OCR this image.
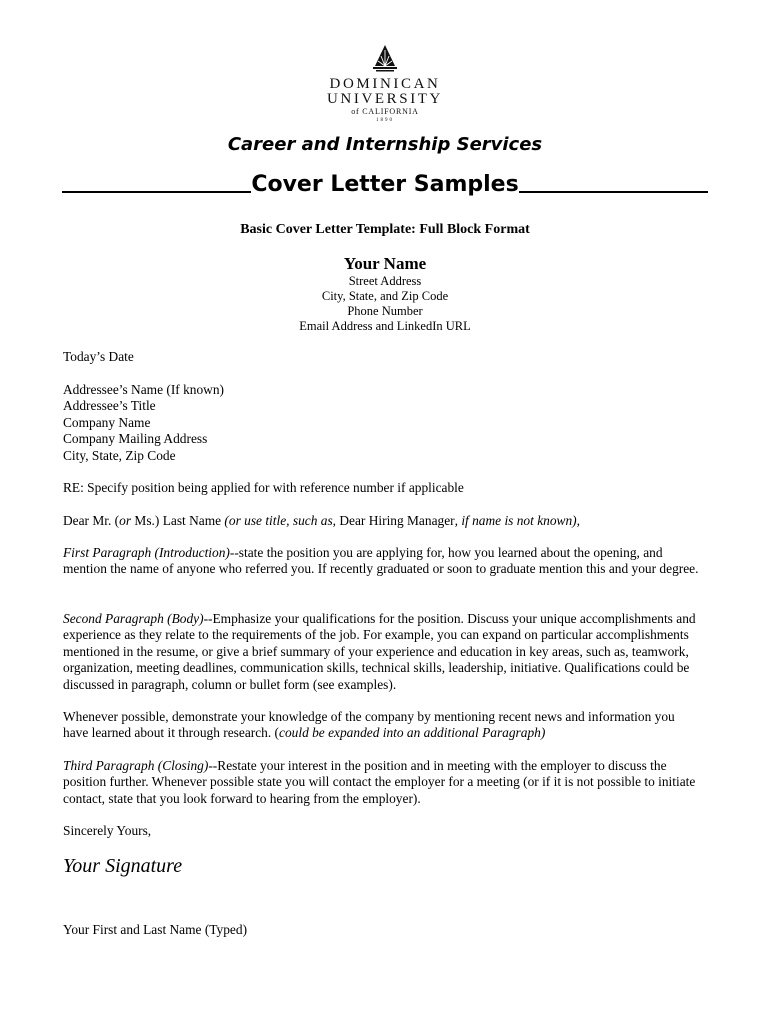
DOMINICAN
UNIVERSITY
of CALIFORNIA
1890
Career and Internship Services
Cover Letter Samples
Basic Cover Letter Template: Full Block Format
Your Name
Street Address
City, State, and Zip Code
Phone Number
Email Address and LinkedIn URL
Today’s Date

Addressee’s Name (If known)

Addressee’s Title

Company Name

Company Mailing Address

City, State, Zip Code

RE: Specify position being applied for with reference number if applicable
Dear Mr. (or Ms.) Last Name (or use title, such as, Dear Hiring Manager, if name is not known),
First Paragraph (Introduction)--state the position you are applying for, how you learned about the opening, and mention the name of anyone who referred you. If recently graduated or soon to graduate mention this and your degree.
Second Paragraph (Body)--Emphasize your qualifications for the position. Discuss your unique accomplishments and experience as they relate to the requirements of the job. For example, you can expand on particular accomplishments mentioned in the resume, or give a brief summary of your experience and education in key areas, such as, teamwork, organization, meeting deadlines, communication skills, technical skills, leadership, initiative. Qualifications could be discussed in paragraph, column or bullet form (see examples).
Whenever possible, demonstrate your knowledge of the company by mentioning recent news and information you have learned about it through research. (could be expanded into an additional Paragraph)
Third Paragraph (Closing)--Restate your interest in the position and in meeting with the employer to discuss the position further. Whenever possible state you will contact the employer for a meeting (or if it is not possible to initiate contact, state that you look forward to hearing from the employer).
Sincerely Yours,
Your Signature
Your First and Last Name (Typed)
